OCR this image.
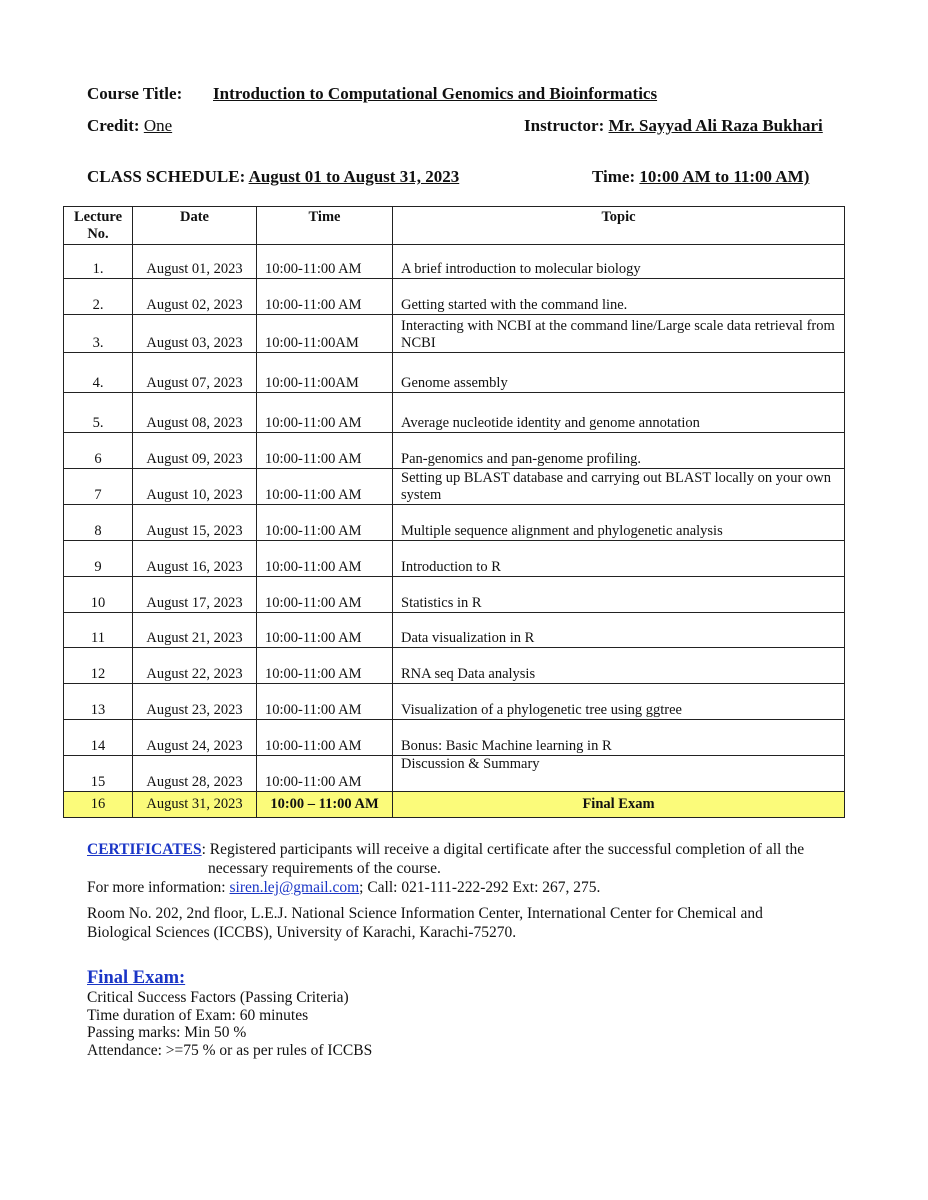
Course Title: Introduction to Computational Genomics and Bioinformatics
Credit: One	Instructor: Mr. Sayyad Ali Raza Bukhari
CLASS SCHEDULE: August 01 to August 31, 2023	Time: 10:00 AM to 11:00 AM)
Lecture No.	Date	Time	Topic
1.	August 01, 2023	10:00-11:00 AM	A brief introduction to molecular biology
2.	August 02, 2023	10:00-11:00 AM	Getting started with the command line.
3.	August 03, 2023	10:00-11:00AM	Interacting with NCBI at the command line/Large scale data retrieval from NCBI
4.	August 07, 2023	10:00-11:00AM	Genome assembly
5.	August 08, 2023	10:00-11:00 AM	Average nucleotide identity and genome annotation
6	August 09, 2023	10:00-11:00 AM	Pan-genomics and pan-genome profiling.
7	August 10, 2023	10:00-11:00 AM	Setting up BLAST database and carrying out BLAST locally on your own system
8	August 15, 2023	10:00-11:00 AM	Multiple sequence alignment and phylogenetic analysis
9	August 16, 2023	10:00-11:00 AM	Introduction to R
10	August 17, 2023	10:00-11:00 AM	Statistics in R
11	August 21, 2023	10:00-11:00 AM	Data visualization in R
12	August 22, 2023	10:00-11:00 AM	RNA seq Data analysis
13	August 23, 2023	10:00-11:00 AM	Visualization of a phylogenetic tree using ggtree
14	August 24, 2023	10:00-11:00 AM	Bonus: Basic Machine learning in R
15	August 28, 2023	10:00-11:00 AM	Discussion & Summary
16	August 31, 2023	10:00 – 11:00 AM	Final Exam
CERTIFICATES: Registered participants will receive a digital certificate after the successful completion of all the
necessary requirements of the course.
For more information: siren.lej@gmail.com; Call: 021-111-222-292 Ext: 267, 275.
Room No. 202, 2nd floor, L.E.J. National Science Information Center, International Center for Chemical and
Biological Sciences (ICCBS), University of Karachi, Karachi-75270.
Final Exam:
Critical Success Factors (Passing Criteria)
Time duration of Exam: 60 minutes
Passing marks: Min 50 %
Attendance: >=75 % or as per rules of ICCBS
